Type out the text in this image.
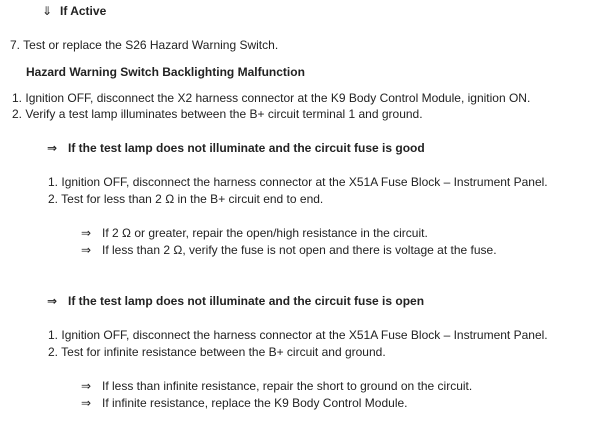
⇓ If Active
7. Test or replace the S26 Hazard Warning Switch.
Hazard Warning Switch Backlighting Malfunction
1. Ignition OFF, disconnect the X2 harness connector at the K9 Body Control Module, ignition ON.
2. Verify a test lamp illuminates between the B+ circuit terminal 1 and ground.
⇒ If the test lamp does not illuminate and the circuit fuse is good
1. Ignition OFF, disconnect the harness connector at the X51A Fuse Block – Instrument Panel.
2. Test for less than 2 Ω in the B+ circuit end to end.
⇒ If 2 Ω or greater, repair the open/high resistance in the circuit.
⇒ If less than 2 Ω, verify the fuse is not open and there is voltage at the fuse.
⇒ If the test lamp does not illuminate and the circuit fuse is open
1. Ignition OFF, disconnect the harness connector at the X51A Fuse Block – Instrument Panel.
2. Test for infinite resistance between the B+ circuit and ground.
⇒ If less than infinite resistance, repair the short to ground on the circuit.
⇒ If infinite resistance, replace the K9 Body Control Module.
